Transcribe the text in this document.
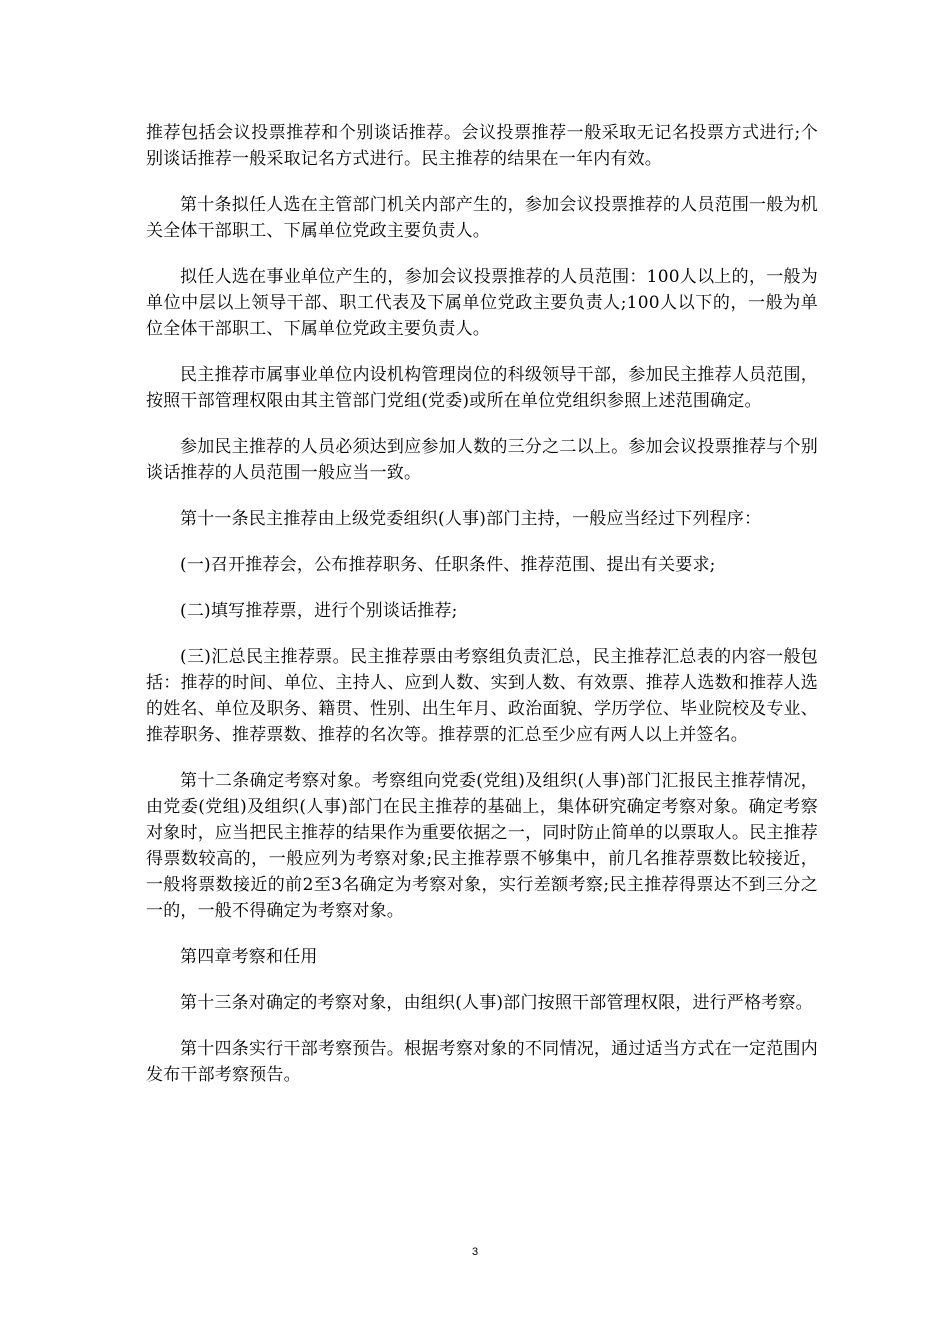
推荐包括会议投票推荐和个别谈话推荐。会议投票推荐一般采取无记名投票方式进行;个别谈话推荐一般采取记名方式进行。民主推荐的结果在一年内有效。

第十条拟任人选在主管部门机关内部产生的，参加会议投票推荐的人员范围一般为机关全体干部职工、下属单位党政主要负责人。

拟任人选在事业单位产生的，参加会议投票推荐的人员范围：100人以上的，一般为单位中层以上领导干部、职工代表及下属单位党政主要负责人;100人以下的，一般为单位全体干部职工、下属单位党政主要负责人。

民主推荐市属事业单位内设机构管理岗位的科级领导干部，参加民主推荐人员范围，按照干部管理权限由其主管部门党组(党委)或所在单位党组织参照上述范围确定。

参加民主推荐的人员必须达到应参加人数的三分之二以上。参加会议投票推荐与个别谈话推荐的人员范围一般应当一致。

第十一条民主推荐由上级党委组织(人事)部门主持，一般应当经过下列程序：

(一)召开推荐会，公布推荐职务、任职条件、推荐范围、提出有关要求;

(二)填写推荐票，进行个别谈话推荐;

(三)汇总民主推荐票。民主推荐票由考察组负责汇总，民主推荐汇总表的内容一般包括：推荐的时间、单位、主持人、应到人数、实到人数、有效票、推荐人选数和推荐人选的姓名、单位及职务、籍贯、性别、出生年月、政治面貌、学历学位、毕业院校及专业、推荐职务、推荐票数、推荐的名次等。推荐票的汇总至少应有两人以上并签名。

第十二条确定考察对象。考察组向党委(党组)及组织(人事)部门汇报民主推荐情况，由党委(党组)及组织(人事)部门在民主推荐的基础上，集体研究确定考察对象。确定考察对象时，应当把民主推荐的结果作为重要依据之一，同时防止简单的以票取人。民主推荐得票数较高的，一般应列为考察对象;民主推荐票不够集中，前几名推荐票数比较接近，一般将票数接近的前2至3名确定为考察对象，实行差额考察;民主推荐得票达不到三分之一的，一般不得确定为考察对象。

第四章考察和任用

第十三条对确定的考察对象，由组织(人事)部门按照干部管理权限，进行严格考察。

第十四条实行干部考察预告。根据考察对象的不同情况，通过适当方式在一定范围内发布干部考察预告。

3
